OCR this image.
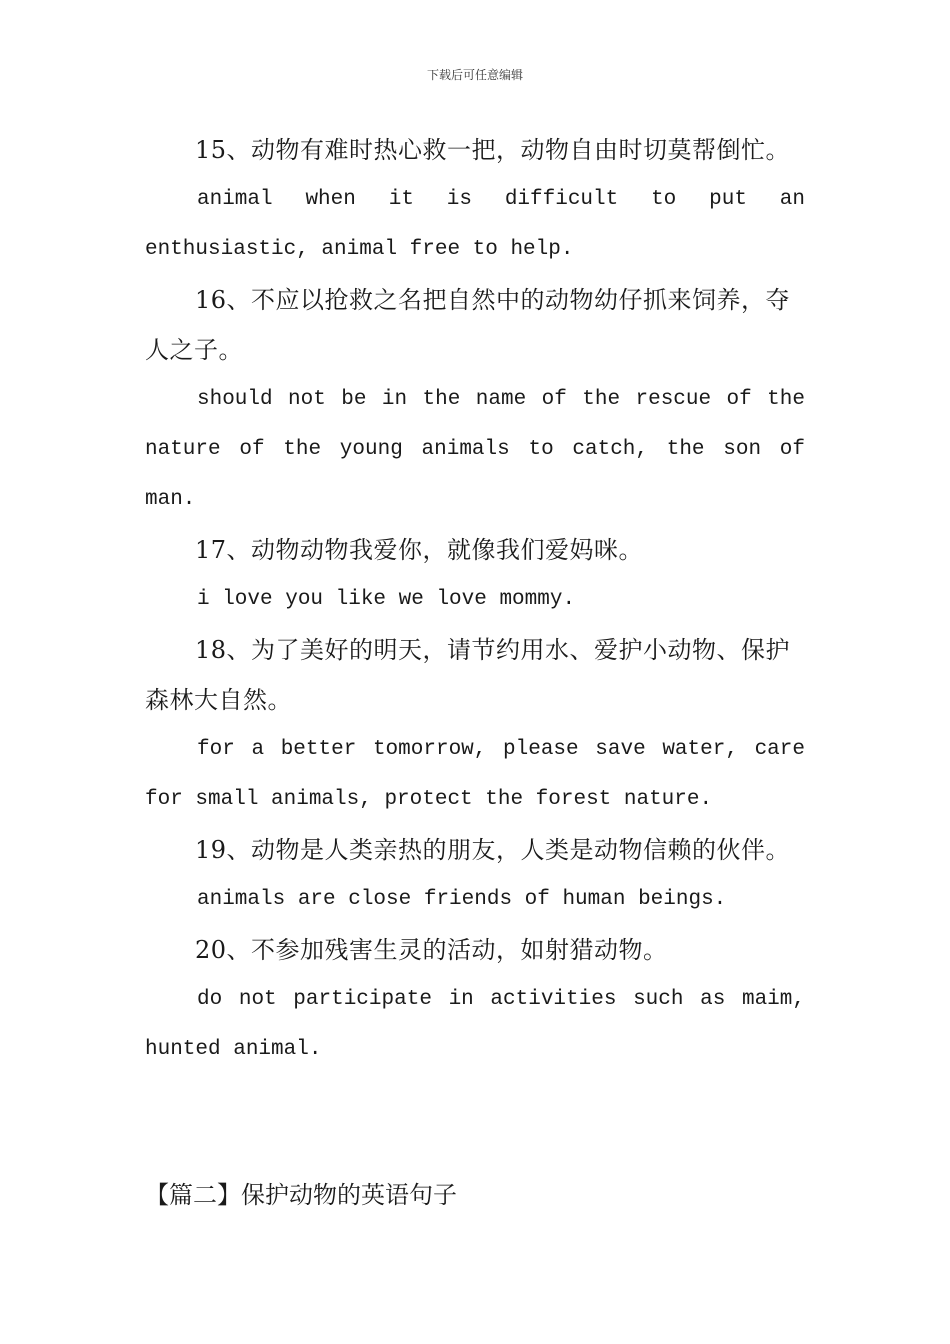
下载后可任意编辑

15、动物有难时热心救一把，动物自由时切莫帮倒忙。

animal when it is difficult to put an enthusiastic, animal free to help.

16、不应以抢救之名把自然中的动物幼仔抓来饲养，夺人之子。

should not be in the name of the rescue of the nature of the young animals to catch, the son of man.

17、动物动物我爱你，就像我们爱妈咪。

i love you like we love mommy.

18、为了美好的明天，请节约用水、爱护小动物、保护森林大自然。

for a better tomorrow, please save water, care for small animals, protect the forest nature.

19、动物是人类亲热的朋友，人类是动物信赖的伙伴。

animals are close friends of human beings.

20、不参加残害生灵的活动，如射猎动物。

do not participate in activities such as maim, hunted animal.

【篇二】保护动物的英语句子
